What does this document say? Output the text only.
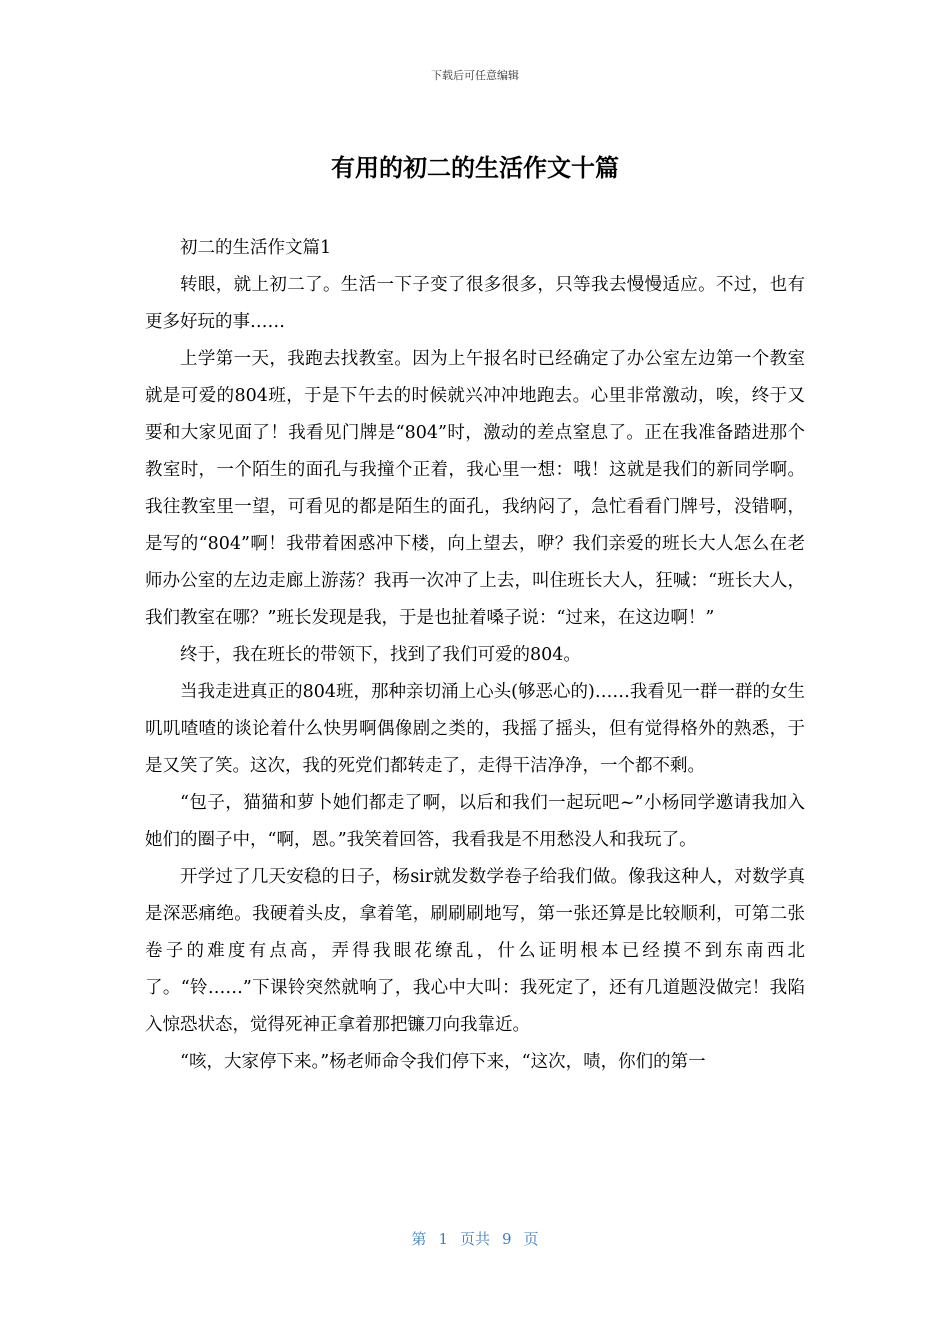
下载后可任意编辑
有用的初二的生活作文十篇

初二的生活作文篇1

转眼，就上初二了。生活一下子变了很多很多，只等我去慢慢适应。不过，也有更多好玩的事……

上学第一天，我跑去找教室。因为上午报名时已经确定了办公室左边第一个教室就是可爱的804班，于是下午去的时候就兴冲冲地跑去。心里非常激动，唉，终于又要和大家见面了！我看见门牌是“804”时，激动的差点窒息了。正在我准备踏进那个教室时，一个陌生的面孔与我撞个正着，我心里一想：哦！这就是我们的新同学啊。我往教室里一望，可看见的都是陌生的面孔，我纳闷了，急忙看看门牌号，没错啊，是写的“804”啊！我带着困惑冲下楼，向上望去，咿？我们亲爱的班长大人怎么在老师办公室的左边走廊上游荡？我再一次冲了上去，叫住班长大人，狂喊：“班长大人，我们教室在哪？”班长发现是我，于是也扯着嗓子说：“过来，在这边啊！”

终于，我在班长的带领下，找到了我们可爱的804。

当我走进真正的804班，那种亲切涌上心头(够恶心的)……我看见一群一群的女生叽叽喳喳的谈论着什么快男啊偶像剧之类的，我摇了摇头，但有觉得格外的熟悉，于是又笑了笑。这次，我的死党们都转走了，走得干洁净净，一个都不剩。

“包子，猫猫和萝卜她们都走了啊，以后和我们一起玩吧~”小杨同学邀请我加入她们的圈子中，“啊，恩。”我笑着回答，我看我是不用愁没人和我玩了。

开学过了几天安稳的日子，杨sir就发数学卷子给我们做。像我这种人，对数学真是深恶痛绝。我硬着头皮，拿着笔，刷刷刷地写，第一张还算是比较顺利，可第二张卷子的难度有点高，弄得我眼花缭乱，什么证明根本已经摸不到东南西北了。“铃……”下课铃突然就响了，我心中大叫：我死定了，还有几道题没做完！我陷入惊恐状态，觉得死神正拿着那把镰刀向我靠近。

“咳，大家停下来。”杨老师命令我们停下来，“这次，啧，你们的第一

第 1 页共 9 页
